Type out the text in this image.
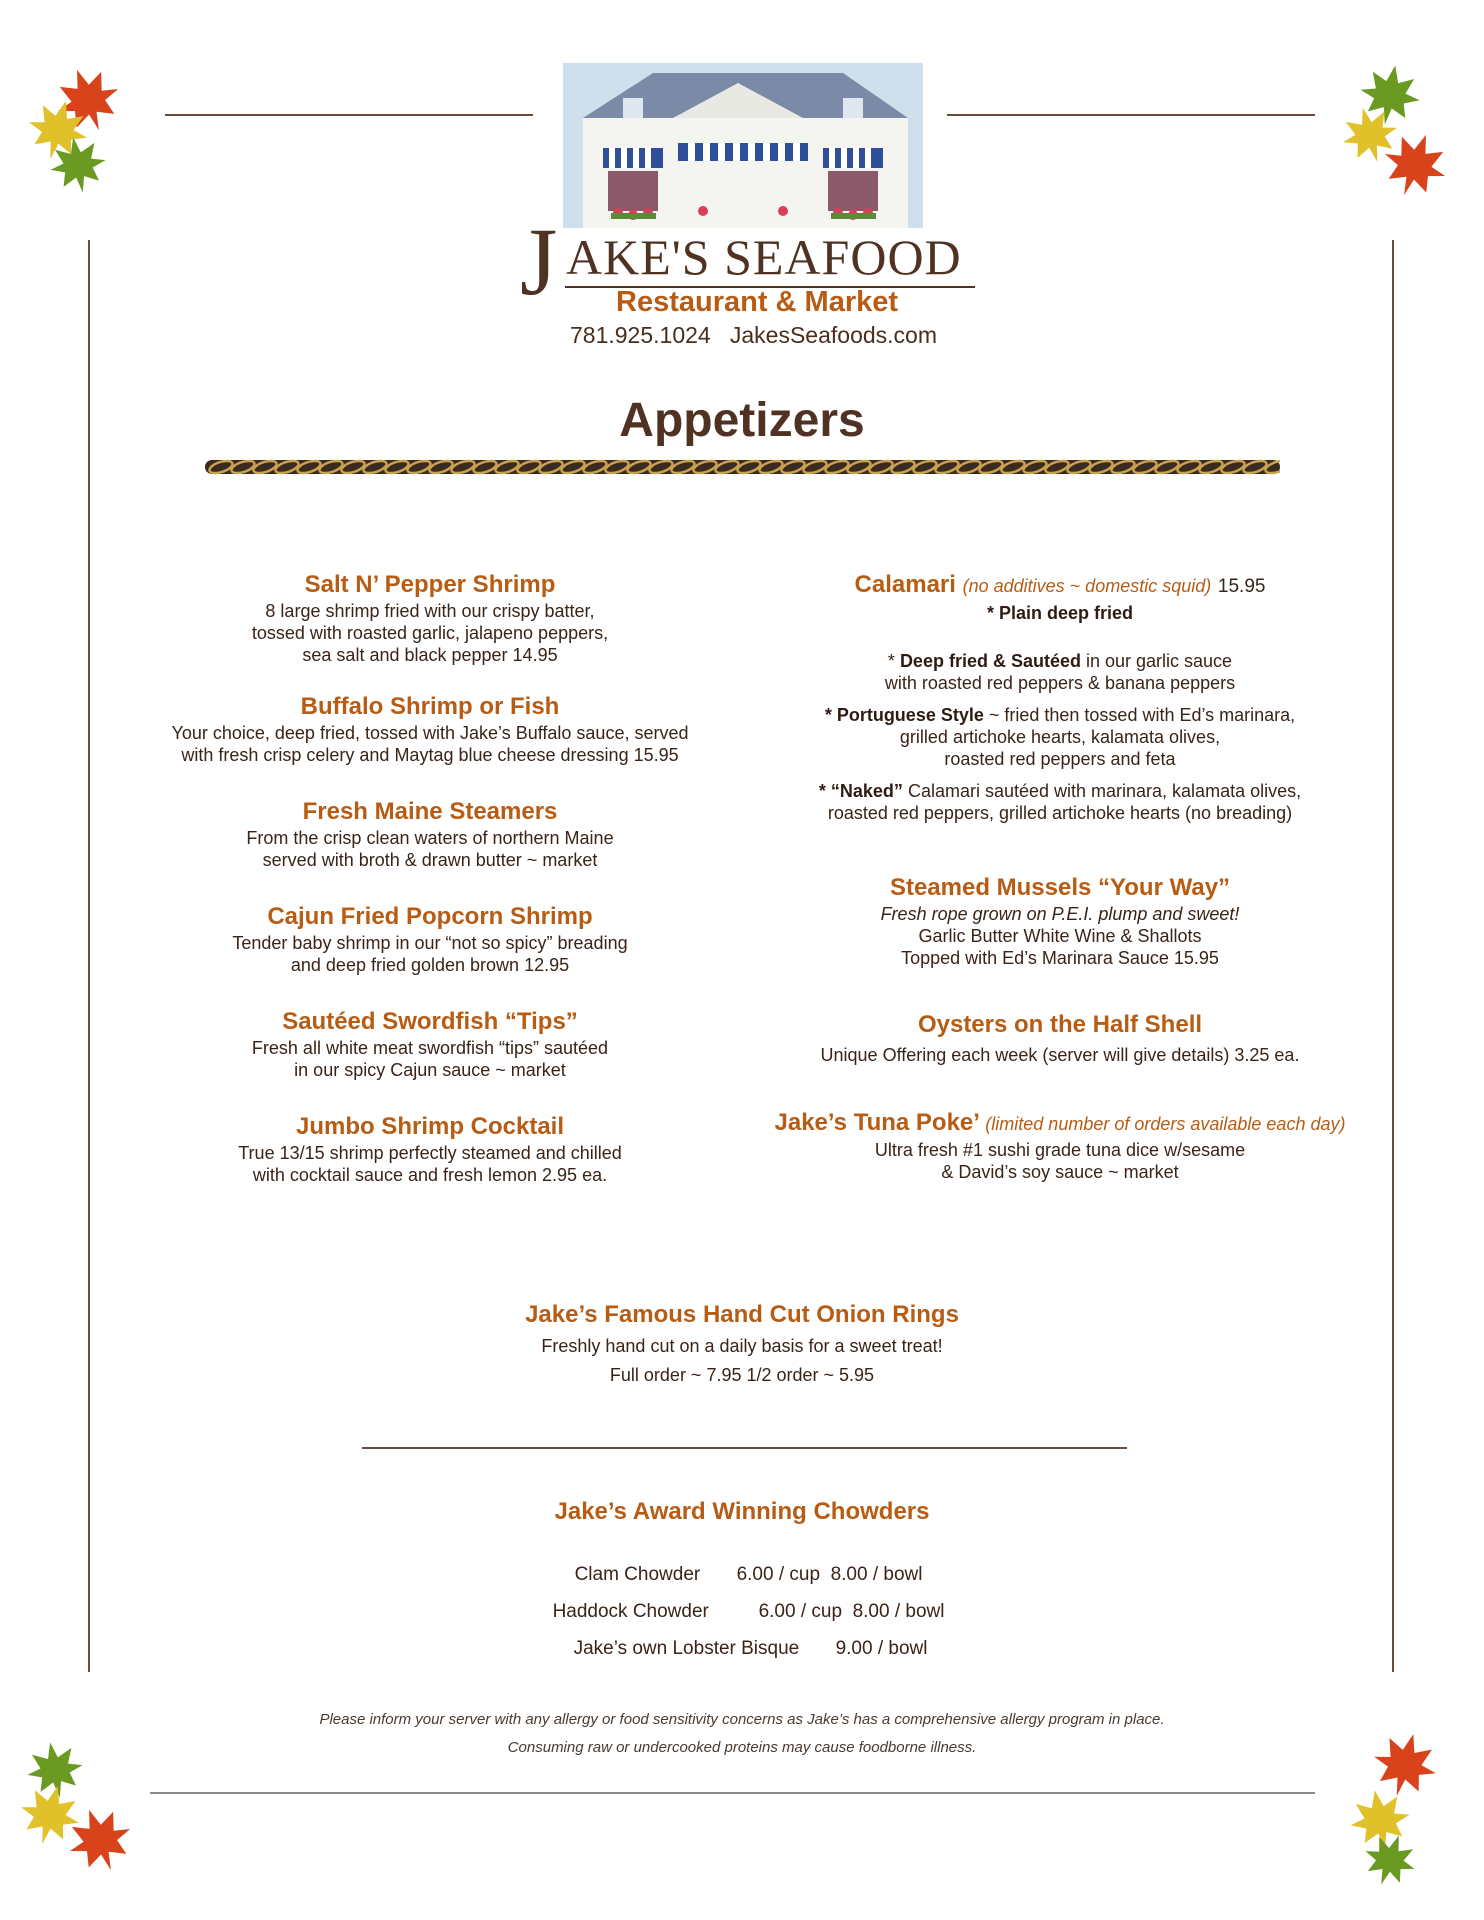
J AKE'S SEAFOOD
Restaurant & Market
781.925.1024 JakesSeafoods.com
Appetizers
Salt N’ Pepper Shrimp
8 large shrimp fried with our crispy batter,
tossed with roasted garlic, jalapeno peppers,
sea salt and black pepper 14.95
Buffalo Shrimp or Fish
Your choice, deep fried, tossed with Jake’s Buffalo sauce, served
with fresh crisp celery and Maytag blue cheese dressing 15.95
Fresh Maine Steamers
From the crisp clean waters of northern Maine
served with broth & drawn butter ~ market
Cajun Fried Popcorn Shrimp
Tender baby shrimp in our “not so spicy” breading
and deep fried golden brown 12.95
Sautéed Swordfish “Tips”
Fresh all white meat swordfish “tips” sautéed
in our spicy Cajun sauce ~ market
Jumbo Shrimp Cocktail
True 13/15 shrimp perfectly steamed and chilled
with cocktail sauce and fresh lemon 2.95 ea.
Calamari (no additives ~ domestic squid) 15.95
* Plain deep fried
* Deep fried & Sautéed in our garlic sauce
with roasted red peppers & banana peppers
* Portuguese Style ~ fried then tossed with Ed’s marinara,
grilled artichoke hearts, kalamata olives,
roasted red peppers and feta
* “Naked” Calamari sautéed with marinara, kalamata olives,
roasted red peppers, grilled artichoke hearts (no breading)
Steamed Mussels “Your Way”
Fresh rope grown on P.E.I. plump and sweet!
Garlic Butter White Wine & Shallots
Topped with Ed’s Marinara Sauce 15.95
Oysters on the Half Shell
Unique Offering each week (server will give details) 3.25 ea.
Jake’s Tuna Poke’ (limited number of orders available each day)
Ultra fresh #1 sushi grade tuna dice w/sesame
& David’s soy sauce ~ market
Jake’s Famous Hand Cut Onion Rings
Freshly hand cut on a daily basis for a sweet treat!
Full order ~ 7.95 1/2 order ~ 5.95
Jake’s Award Winning Chowders

Clam Chowder	6.00 / cup  8.00 / bowl

Haddock Chowder	6.00 / cup  8.00 / bowl

Jake’s own Lobster Bisque	9.00 / bowl

Please inform your server with any allergy or food sensitivity concerns as Jake’s has a comprehensive allergy program in place.
Consuming raw or undercooked proteins may cause foodborne illness.
